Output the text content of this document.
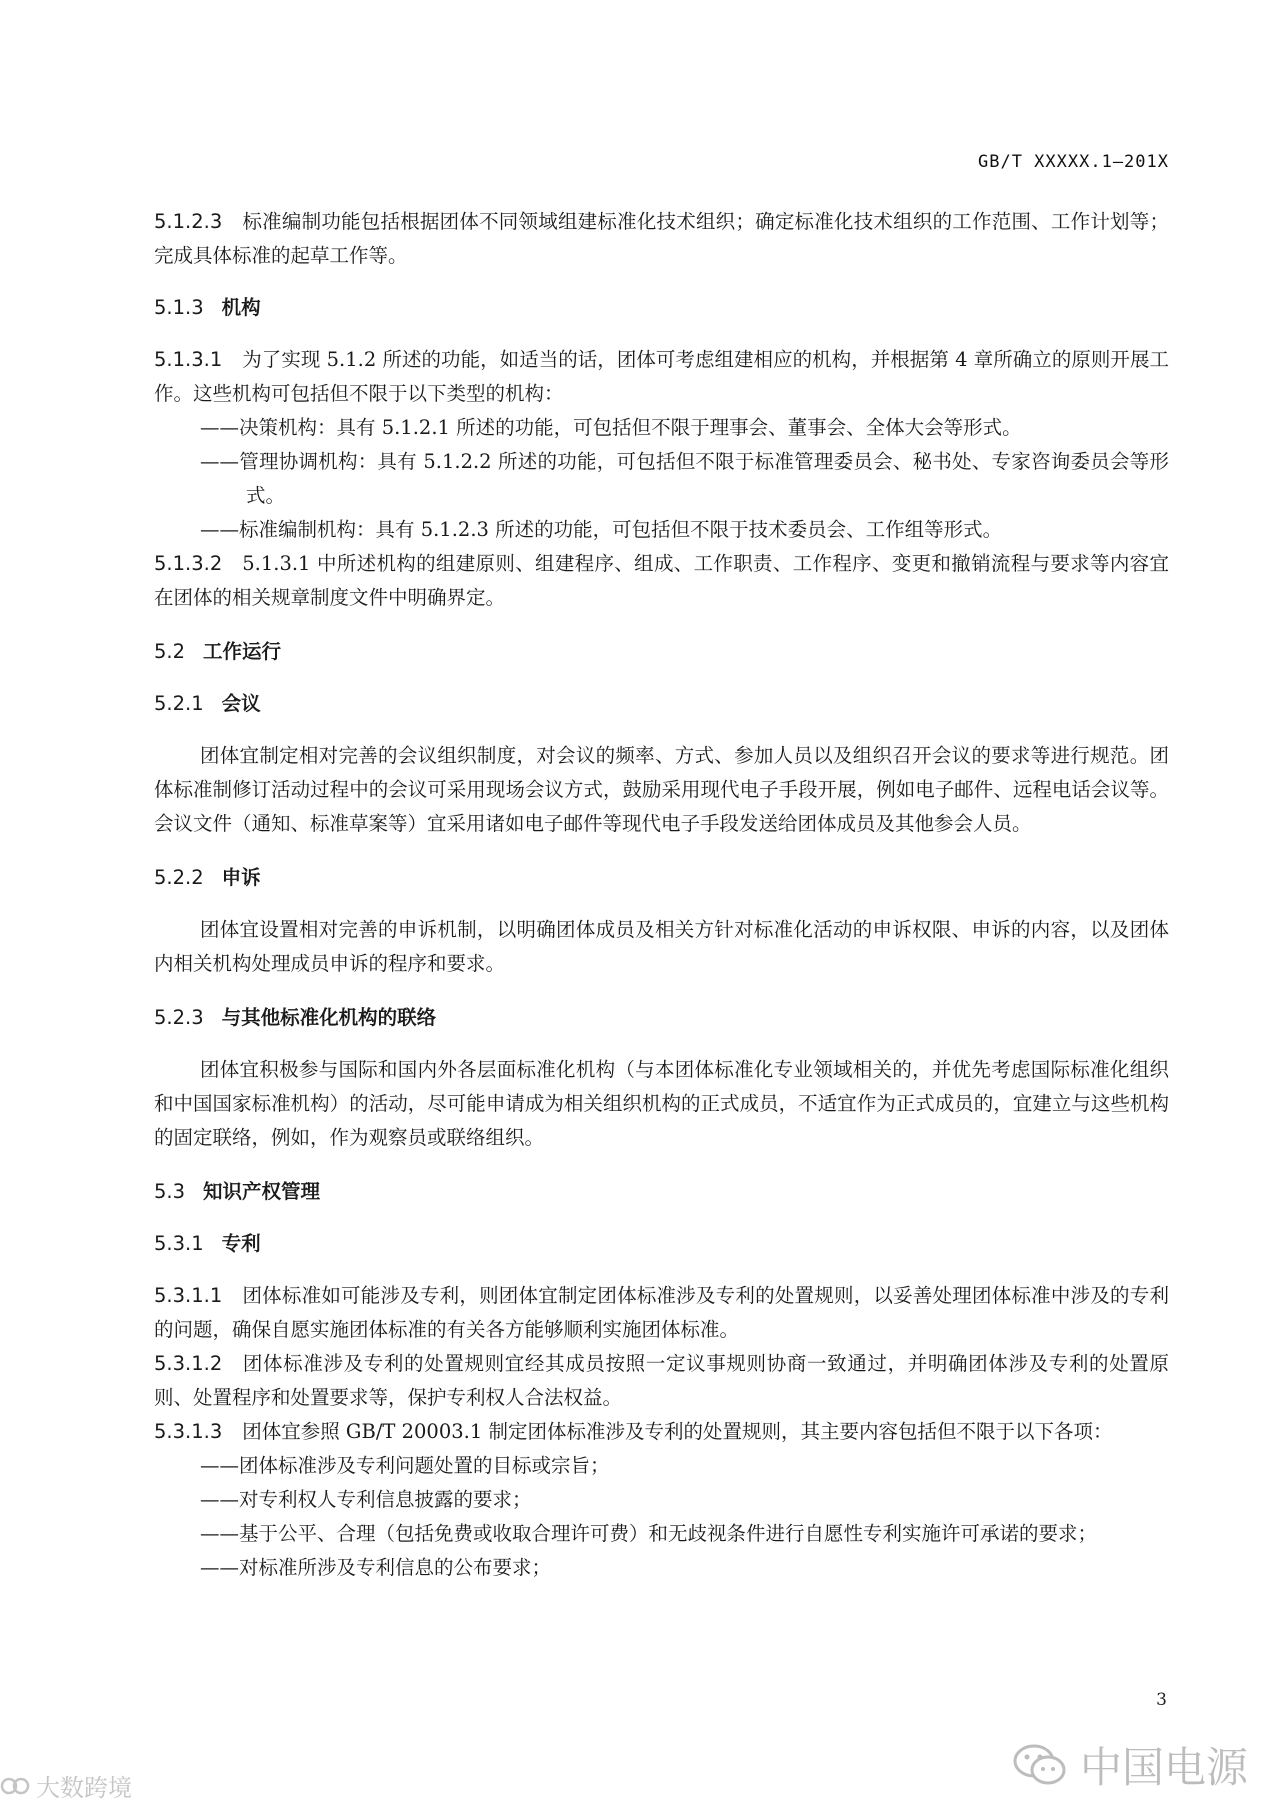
GB/T XXXXX.1—201X

5.1.2.3 标准编制功能包括根据团体不同领域组建标准化技术组织；确定标准化技术组织的工作范围、工作计划等；完成具体标准的起草工作等。

5.1.3 机构

5.1.3.1 为了实现 5.1.2 所述的功能，如适当的话，团体可考虑组建相应的机构，并根据第 4 章所确立的原则开展工作。这些机构可包括但不限于以下类型的机构：

——决策机构：具有 5.1.2.1 所述的功能，可包括但不限于理事会、董事会、全体大会等形式。

——管理协调机构：具有 5.1.2.2 所述的功能，可包括但不限于标准管理委员会、秘书处、专家咨询委员会等形式。

——标准编制机构：具有 5.1.2.3 所述的功能，可包括但不限于技术委员会、工作组等形式。

5.1.3.2 5.1.3.1 中所述机构的组建原则、组建程序、组成、工作职责、工作程序、变更和撤销流程与要求等内容宜在团体的相关规章制度文件中明确界定。

5.2 工作运行

5.2.1 会议

团体宜制定相对完善的会议组织制度，对会议的频率、方式、参加人员以及组织召开会议的要求等进行规范。团体标准制修订活动过程中的会议可采用现场会议方式，鼓励采用现代电子手段开展，例如电子邮件、远程电话会议等。会议文件（通知、标准草案等）宜采用诸如电子邮件等现代电子手段发送给团体成员及其他参会人员。

5.2.2 申诉

团体宜设置相对完善的申诉机制，以明确团体成员及相关方针对标准化活动的申诉权限、申诉的内容，以及团体内相关机构处理成员申诉的程序和要求。

5.2.3 与其他标准化机构的联络

团体宜积极参与国际和国内外各层面标准化机构（与本团体标准化专业领域相关的，并优先考虑国际标准化组织和中国国家标准机构）的活动，尽可能申请成为相关组织机构的正式成员，不适宜作为正式成员的，宜建立与这些机构的固定联络，例如，作为观察员或联络组织。

5.3 知识产权管理

5.3.1 专利

5.3.1.1 团体标准如可能涉及专利，则团体宜制定团体标准涉及专利的处置规则，以妥善处理团体标准中涉及的专利的问题，确保自愿实施团体标准的有关各方能够顺利实施团体标准。

5.3.1.2 团体标准涉及专利的处置规则宜经其成员按照一定议事规则协商一致通过，并明确团体涉及专利的处置原则、处置程序和处置要求等，保护专利权人合法权益。

5.3.1.3 团体宜参照 GB/T 20003.1 制定团体标准涉及专利的处置规则，其主要内容包括但不限于以下各项：

——团体标准涉及专利问题处置的目标或宗旨；

——对专利权人专利信息披露的要求；

——基于公平、合理（包括免费或收取合理许可费）和无歧视条件进行自愿性专利实施许可承诺的要求；

——对标准所涉及专利信息的公布要求；

3
中国电源
大数跨境
